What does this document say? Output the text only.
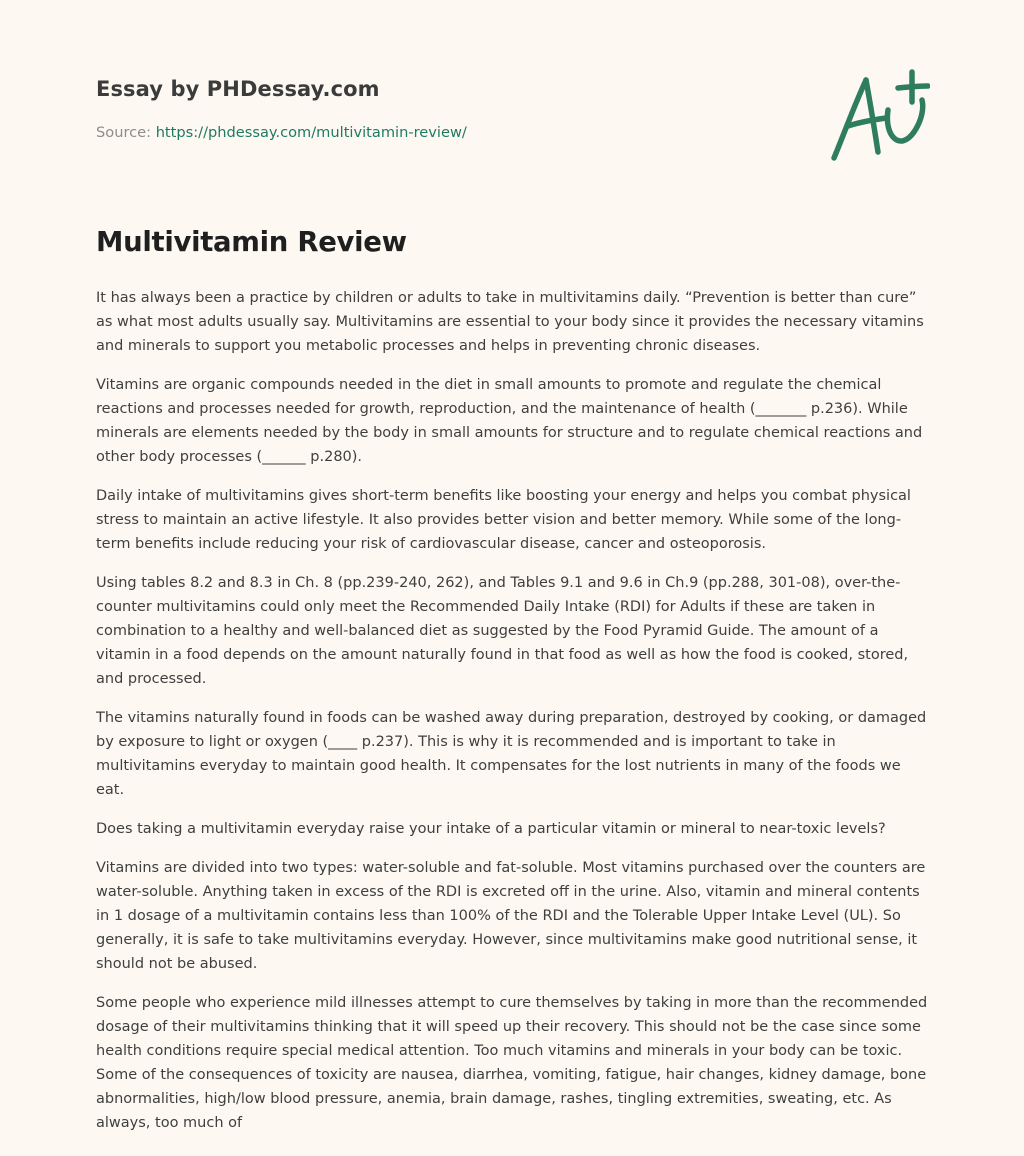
Essay by PHDessay.com

Source: https://phdessay.com/multivitamin-review/

Multivitamin Review

It has always been a practice by children or adults to take in multivitamins daily. “Prevention is better than cure” as what most adults usually say. Multivitamins are essential to your body since it provides the necessary vitamins and minerals to support you metabolic processes and helps in preventing chronic diseases.

Vitamins are organic compounds needed in the diet in small amounts to promote and regulate the chemical reactions and processes needed for growth, reproduction, and the maintenance of health (_______ p.236). While minerals are elements needed by the body in small amounts for structure and to regulate chemical reactions and other body processes (______ p.280).

Daily intake of multivitamins gives short-term benefits like boosting your energy and helps you combat physical stress to maintain an active lifestyle. It also provides better vision and better memory. While some of the long-term benefits include reducing your risk of cardiovascular disease, cancer and osteoporosis.

Using tables 8.2 and 8.3 in Ch. 8 (pp.239-240, 262), and Tables 9.1 and 9.6 in Ch.9 (pp.288, 301-08), over-the-counter multivitamins could only meet the Recommended Daily Intake (RDI) for Adults if these are taken in combination to a healthy and well-balanced diet as suggested by the Food Pyramid Guide. The amount of a vitamin in a food depends on the amount naturally found in that food as well as how the food is cooked, stored, and processed.

The vitamins naturally found in foods can be washed away during preparation, destroyed by cooking, or damaged by exposure to light or oxygen (____ p.237). This is why it is recommended and is important to take in multivitamins everyday to maintain good health. It compensates for the lost nutrients in many of the foods we eat.

Does taking a multivitamin everyday raise your intake of a particular vitamin or mineral to near-toxic levels?

Vitamins are divided into two types: water-soluble and fat-soluble. Most vitamins purchased over the counters are water-soluble. Anything taken in excess of the RDI is excreted off in the urine. Also, vitamin and mineral contents in 1 dosage of a multivitamin contains less than 100% of the RDI and the Tolerable Upper Intake Level (UL). So generally, it is safe to take multivitamins everyday. However, since multivitamins make good nutritional sense, it should not be abused.

Some people who experience mild illnesses attempt to cure themselves by taking in more than the recommended dosage of their multivitamins thinking that it will speed up their recovery. This should not be the case since some health conditions require special medical attention. Too much vitamins and minerals in your body can be toxic. Some of the consequences of toxicity are nausea, diarrhea, vomiting, fatigue, hair changes, kidney damage, bone abnormalities, high/low blood pressure, anemia, brain damage, rashes, tingling extremities, sweating, etc. As always, too much of
